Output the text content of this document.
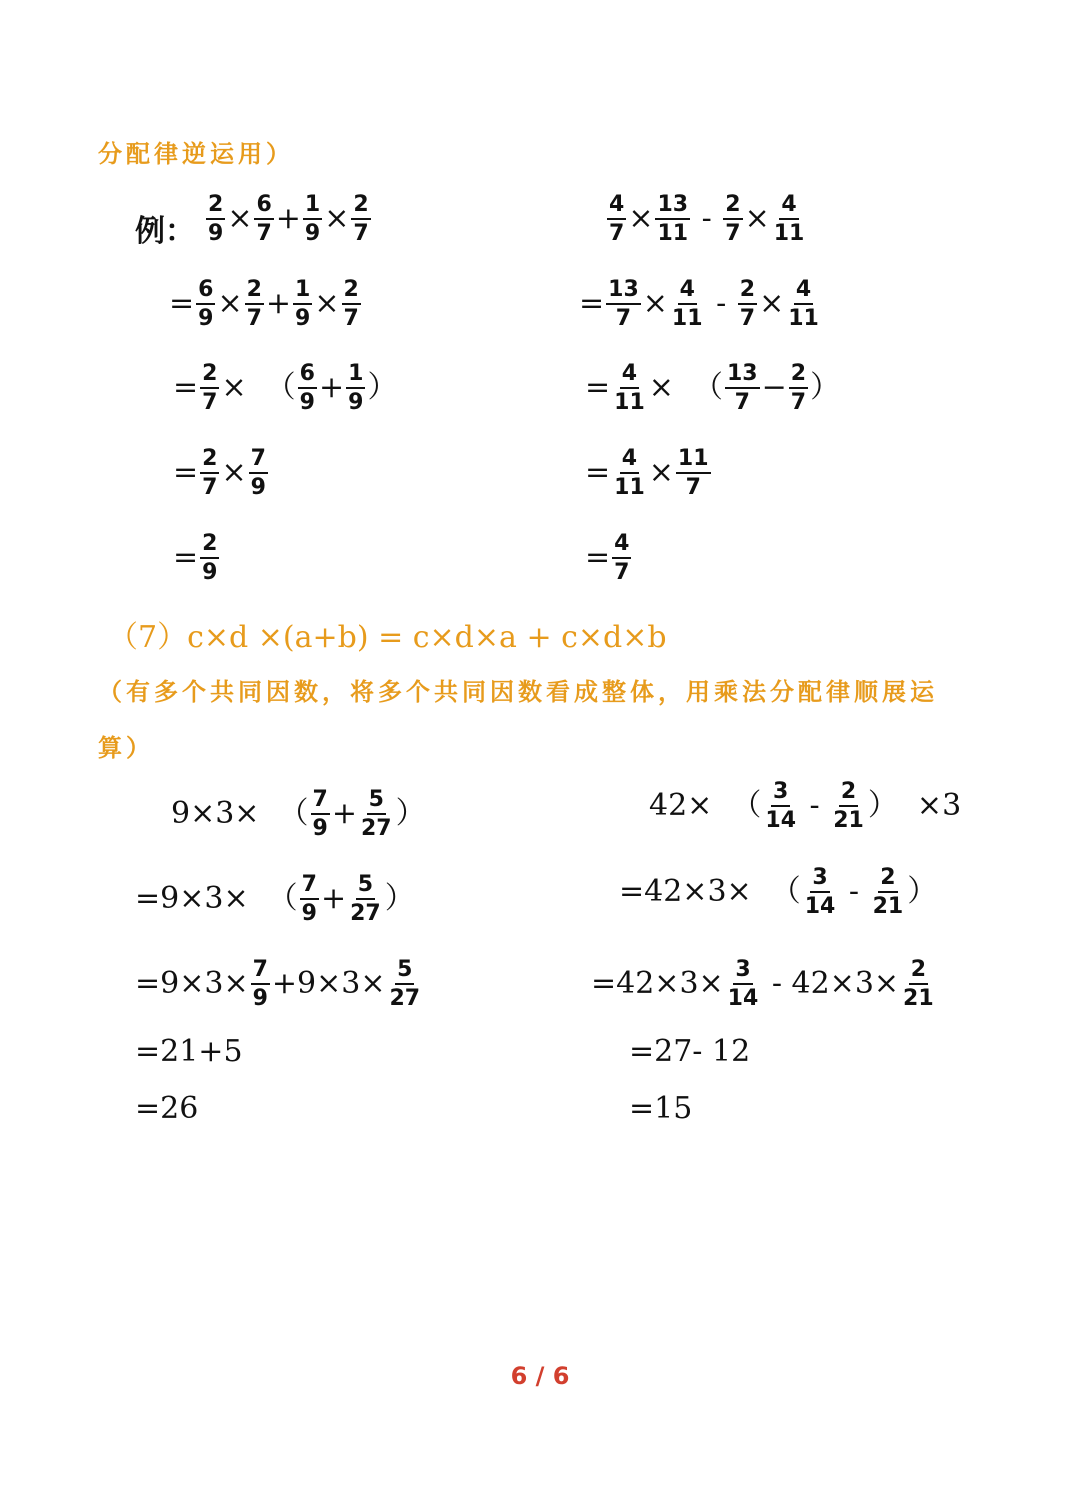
分配律逆运用）
例： $\frac{2}{9} \times \frac{6}{7} + \frac{1}{9} \times \frac{2}{7}$
= $\frac{6}{9} \times \frac{2}{7} + \frac{1}{9} \times \frac{2}{7}$
= $\frac{2}{7}$ ×  （ $\frac{6}{9} + \frac{1}{9}$ ）
= $\frac{2}{7} \times \frac{7}{9}$
= $\frac{2}{9}$
$\frac{4}{7} \times \frac{13}{11} - \frac{2}{7} \times \frac{4}{11}$
= $\frac{13}{7} \times \frac{4}{11} - \frac{2}{7} \times \frac{4}{11}$
= $\frac{4}{11}$ ×  （ $\frac{13}{7} - \frac{2}{7}$ ）
= $\frac{4}{11} \times \frac{11}{7}$
= $\frac{4}{7}$
（7）c×d ×(a+b) = c×d×a + c×d×b
（有多个共同因数，将多个共同因数看成整体，用乘法分配律顺展运
算）
9×3×  （ $\frac{7}{9} + \frac{5}{27}$ ）
=9×3×  （ $\frac{7}{9} + \frac{5}{27}$ ）
$=9\times 3\times \frac{7}{9} +9\times 3\times \frac{5}{27}$
=21+5
=26
42×  （ $\frac{3}{14} - \frac{2}{21}$ ）  ×3
=42×3×  （ $\frac{3}{14} - \frac{2}{21}$ ）
$=42\times 3\times \frac{3}{14} - 42\times 3\times \frac{2}{21}$
=27- 12
=15
6 / 6
